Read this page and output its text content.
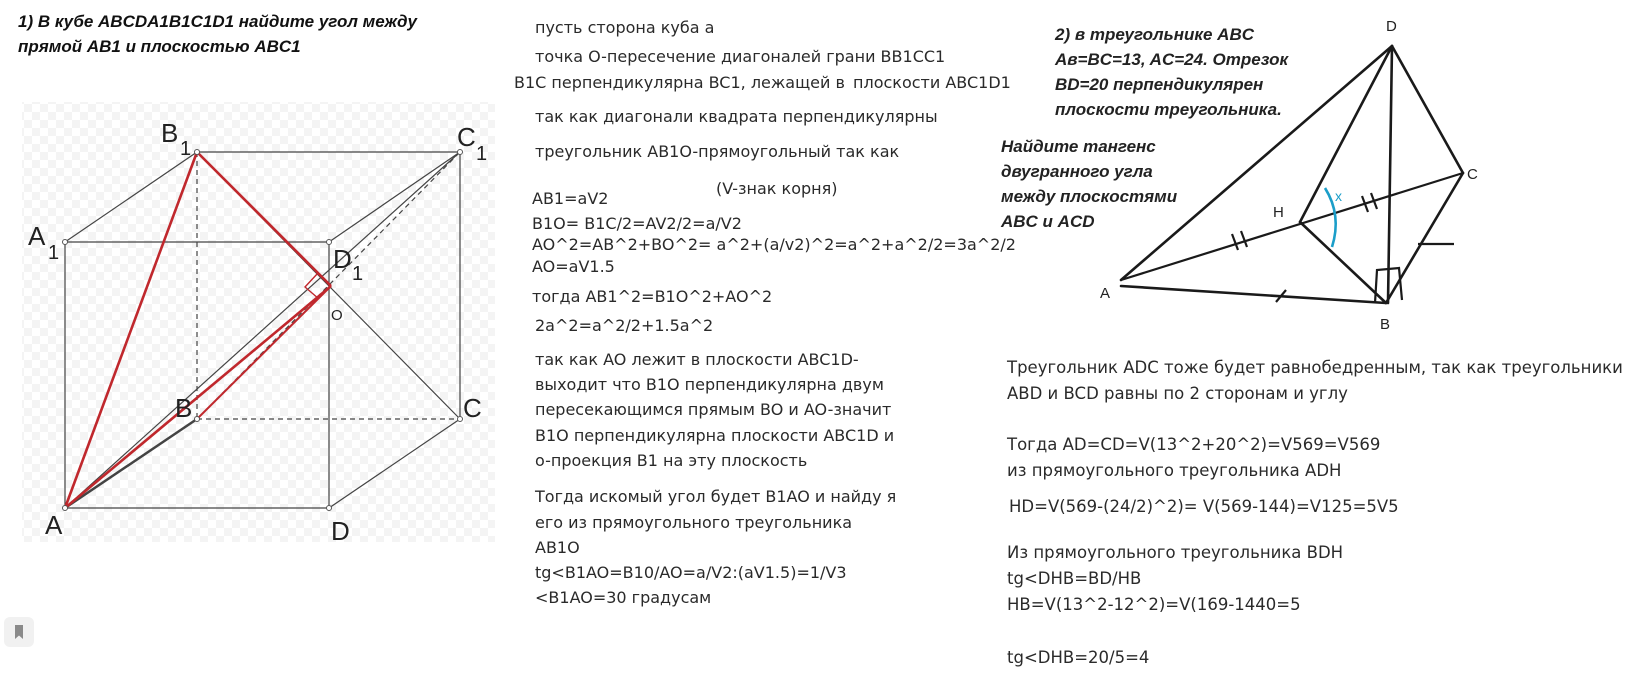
1) В кубе ABCDA1B1C1D1 найдите угол между
прямой AB1 и плоскостью ABC1
A	D
C
B
A
1
B
1	C
1
D 1
O
пусть сторона куба a
точка O-пересечение диагоналей грани BB1CC1
B1C перпендикулярна BC1, лежащей в плоскости ABC1D1
так как диагонали квадрата перпендикулярны
треугольник AB1O-прямоугольный так как
(V-знак корня)
AB1=aV2
B1O= B1C/2=AV2/2=a/V2
AO^2=AB^2+BO^2= a^2+(a/v2)^2=a^2+a^2/2=3a^2/2
AO=aV1.5
тогда AB1^2=B1O^2+AO^2
2a^2=a^2/2+1.5a^2
так как AO лежит в плоскости ABC1D-
выходит что B1O перпендикулярна двум
пересекающимся прямым BO и AO-значит
B1O перпендикулярна плоскости ABC1D и
o-проекция B1 на эту плоскость
Тогда искомый угол будет B1AO и найду я
его из прямоугольного треугольника
AB1O
tg<B1AO=B10/AO=a/V2:(aV1.5)=1/V3
<B1AO=30 градусам
2) в треугольнике ABC
Aв=BC=13, AC=24. Отрезок
BD=20 перпендикулярен
плоскости треугольника.
Найдите тангенс
двугранного угла
между плоскостями
ABC и ACD
D
C
A
B
H
x
Треугольник ADC тоже будет равнобедренным, так как треугольники
ABD и BCD равны по 2 сторонам и углу
Тогда AD=CD=V(13^2+20^2)=V569=V569
из прямоугольного треугольника ADH
HD=V(569-(24/2)^2)= V(569-144)=V125=5V5
Из прямоугольного треугольника BDH
tg<DHB=BD/HB
HB=V(13^2-12^2)=V(169-1440=5
tg<DHB=20/5=4
